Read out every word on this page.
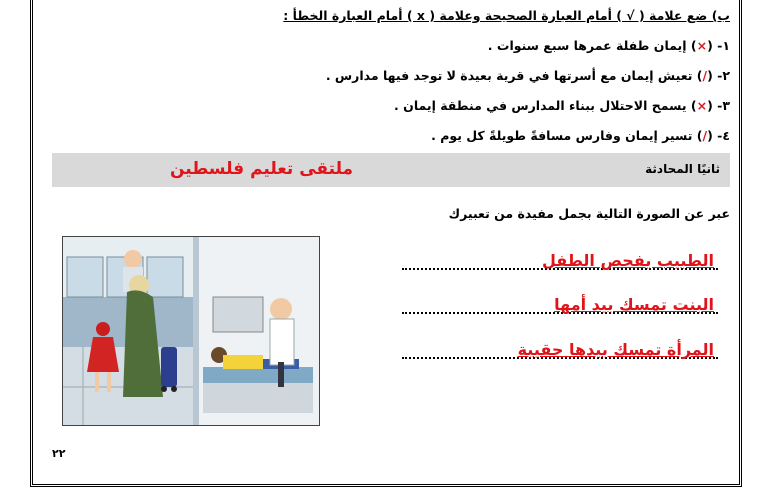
ب) ضع علامة ( √ ) أمام العبارة الصحيحة وعلامة ( x ) أمام العبارة الخطأ :
١- (×) إيمان طفلة عمرها سبع سنوات .
٢- (/) تعيش إيمان مع أسرتها في قرية بعيدة لا توجد فيها مدارس .
٣- (×) يسمح الاحتلال ببناء المدارس في منطقة إيمان .
٤- (/) تسير إيمان وفارس مسافةً طويلةً كل يوم .
ثانيًا المحادثة
ملتقى تعليم فلسطين
عبر عن الصورة التالية بجمل مفيدة من تعبيرك
الطبيب يفحص الطفل
البنت تمسك بيد أمها
المرأة تمسك بيدها حقيبة
٢٢
